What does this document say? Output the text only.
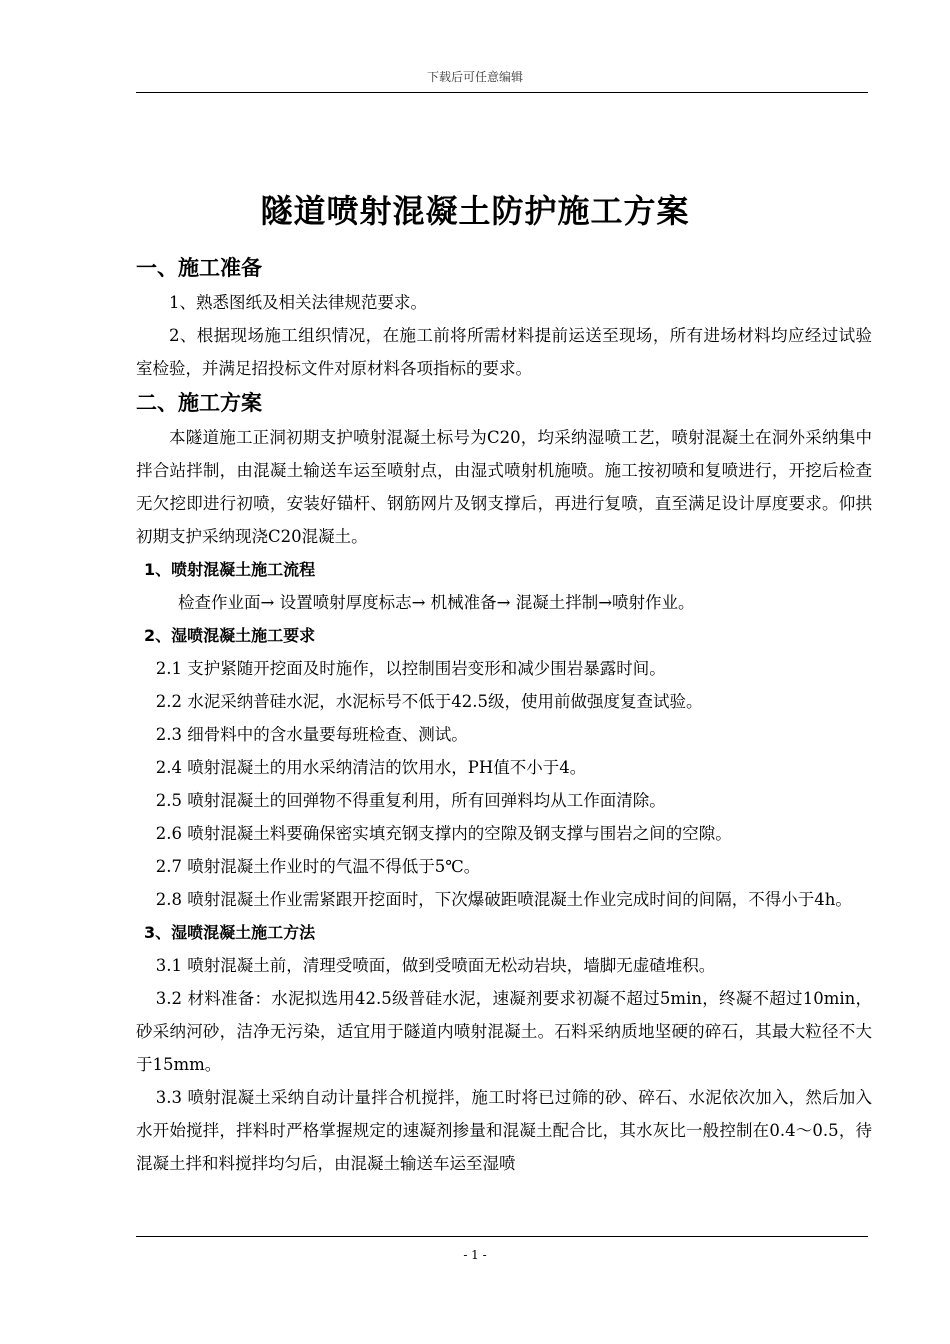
下载后可任意编辑
隧道喷射混凝土防护施工方案

一、施工准备

1、熟悉图纸及相关法律规范要求。

2、根据现场施工组织情况，在施工前将所需材料提前运送至现场，所有进场材料均应经过试验室检验，并满足招投标文件对原材料各项指标的要求。

二、施工方案

本隧道施工正洞初期支护喷射混凝土标号为C20，均采纳湿喷工艺，喷射混凝土在洞外采纳集中拌合站拌制，由混凝土输送车运至喷射点，由湿式喷射机施喷。施工按初喷和复喷进行，开挖后检查无欠挖即进行初喷，安装好锚杆、钢筋网片及钢支撑后，再进行复喷，直至满足设计厚度要求。仰拱初期支护采纳现浇C20混凝土。

1、喷射混凝土施工流程

检查作业面→ 设置喷射厚度标志→ 机械准备→ 混凝土拌制→喷射作业。

2、湿喷混凝土施工要求

2.1 支护紧随开挖面及时施作，以控制围岩变形和减少围岩暴露时间。

2.2 水泥采纳普硅水泥，水泥标号不低于42.5级，使用前做强度复查试验。

2.3 细骨料中的含水量要每班检查、测试。

2.4 喷射混凝土的用水采纳清洁的饮用水，PH值不小于4。

2.5 喷射混凝土的回弹物不得重复利用，所有回弹料均从工作面清除。

2.6 喷射混凝土料要确保密实填充钢支撑内的空隙及钢支撑与围岩之间的空隙。

2.7 喷射混凝土作业时的气温不得低于5℃。

2.8 喷射混凝土作业需紧跟开挖面时，下次爆破距喷混凝土作业完成时间的间隔，不得小于4h。

3、湿喷混凝土施工方法

3.1 喷射混凝土前，清理受喷面，做到受喷面无松动岩块，墙脚无虚碴堆积。

3.2 材料准备：水泥拟选用42.5级普硅水泥，速凝剂要求初凝不超过5min，终凝不超过10min，砂采纳河砂，洁净无污染，适宜用于隧道内喷射混凝土。石料采纳质地坚硬的碎石，其最大粒径不大于15mm。

3.3 喷射混凝土采纳自动计量拌合机搅拌，施工时将已过筛的砂、碎石、水泥依次加入，然后加入水开始搅拌，拌料时严格掌握规定的速凝剂掺量和混凝土配合比，其水灰比一般控制在0.4～0.5，待混凝土拌和料搅拌均匀后，由混凝土输送车运至湿喷

- 1 -
